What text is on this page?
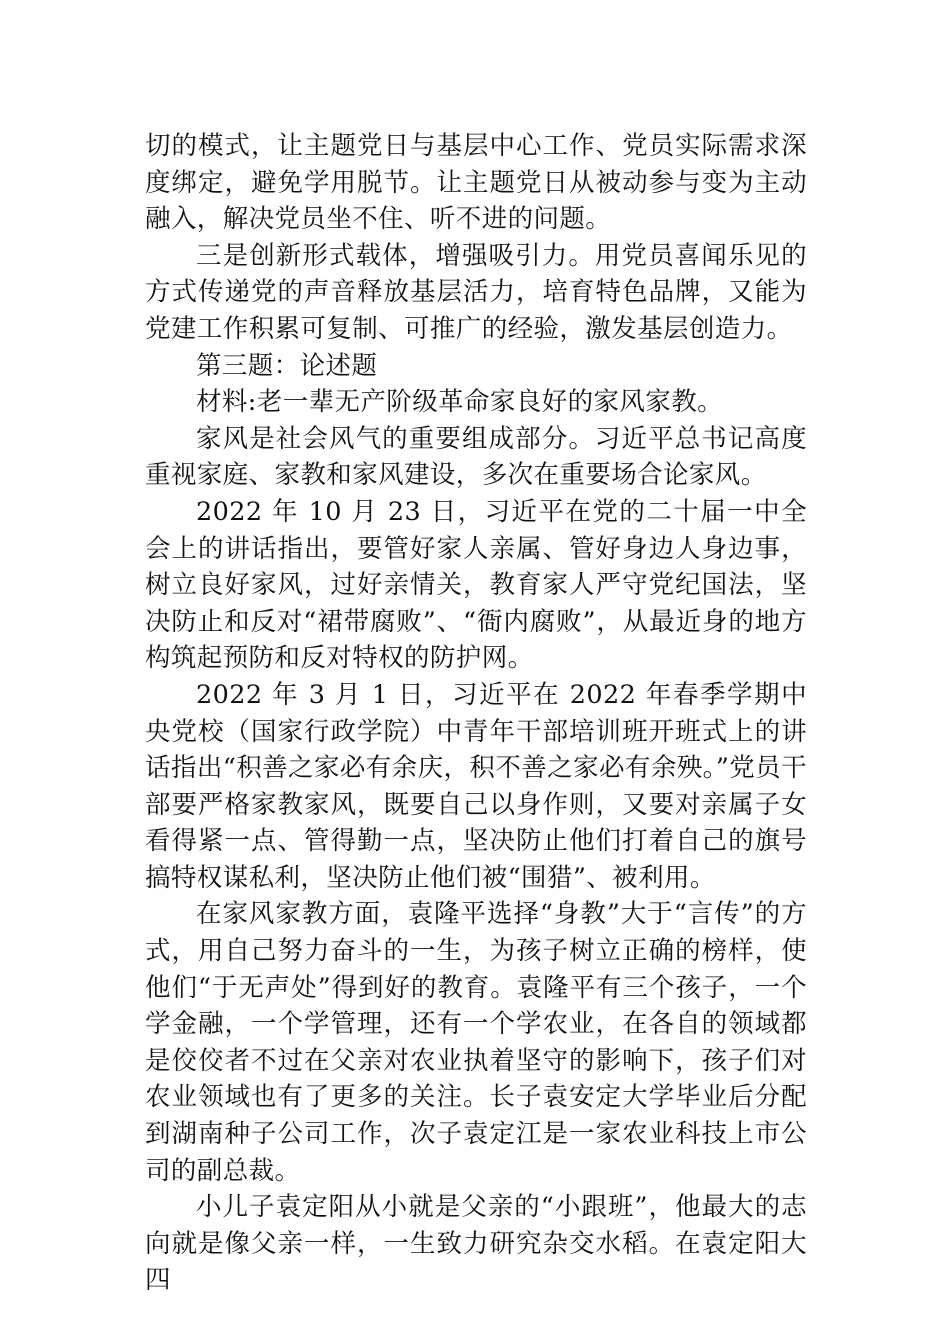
切的模式，让主题党日与基层中心工作、党员实际需求深度绑定，避免学用脱节。让主题党日从被动参与变为主动融入，解决党员坐不住、听不进的问题。

三是创新形式载体，增强吸引力。用党员喜闻乐见的方式传递党的声音释放基层活力，培育特色品牌，又能为党建工作积累可复制、可推广的经验，激发基层创造力。

第三题：论述题

材料:老一辈无产阶级革命家良好的家风家教。

家风是社会风气的重要组成部分。习近平总书记高度重视家庭、家教和家风建设，多次在重要场合论家风。

2022 年 10 月 23 日，习近平在党的二十届一中全会上的讲话指出，要管好家人亲属、管好身边人身边事，树立良好家风，过好亲情关，教育家人严守党纪国法，坚决防止和反对“裙带腐败”、“衙内腐败”，从最近身的地方构筑起预防和反对特权的防护网。

2022 年 3 月 1 日，习近平在 2022 年春季学期中央党校（国家行政学院）中青年干部培训班开班式上的讲话指出“积善之家必有余庆，积不善之家必有余殃。”党员干部要严格家教家风，既要自己以身作则，又要对亲属子女看得紧一点、管得勤一点，坚决防止他们打着自己的旗号搞特权谋私利，坚决防止他们被“围猎”、被利用。

在家风家教方面，袁隆平选择“身教”大于“言传”的方式，用自己努力奋斗的一生，为孩子树立正确的榜样，使他们“于无声处”得到好的教育。袁隆平有三个孩子，一个学金融，一个学管理，还有一个学农业，在各自的领域都是佼佼者不过在父亲对农业执着坚守的影响下，孩子们对农业领域也有了更多的关注。长子袁安定大学毕业后分配到湖南种子公司工作，次子袁定江是一家农业科技上市公司的副总裁。

小儿子袁定阳从小就是父亲的“小跟班”，他最大的志向就是像父亲一样，一生致力研究杂交水稻。在袁定阳大四
